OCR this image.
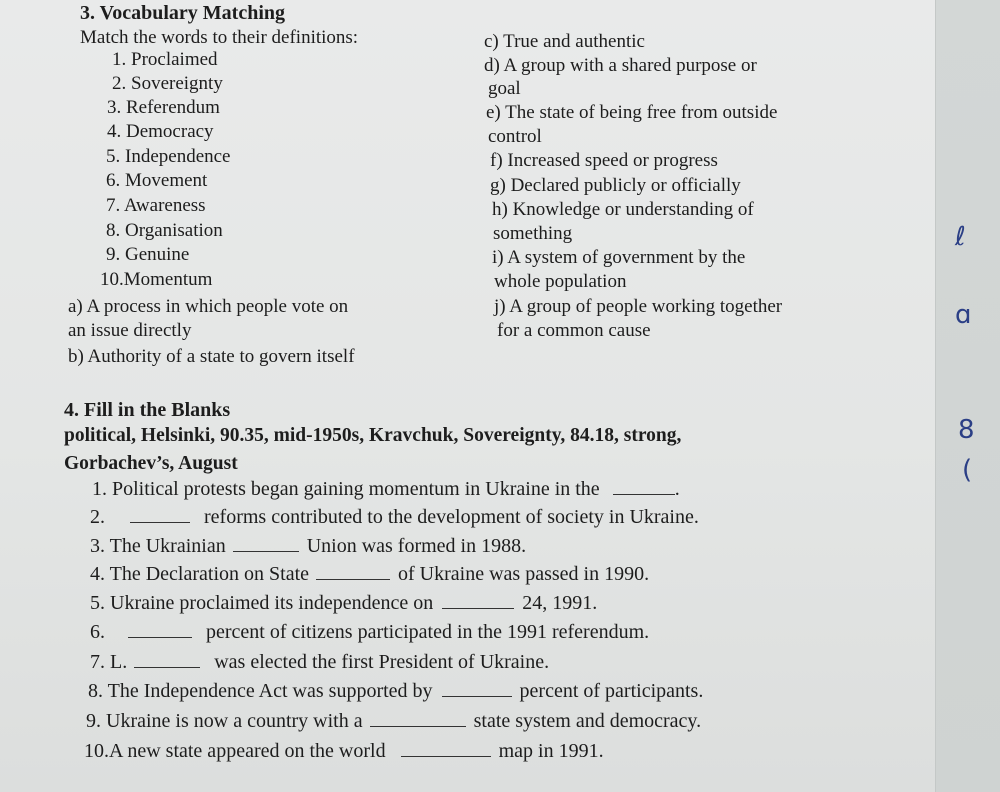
ℓ
ɑ
8
(
3. Vocabulary Matching
Match the words to their definitions:
1. Proclaimed
2. Sovereignty
3. Referendum
4. Democracy
5. Independence
6. Movement
7. Awareness
8. Organisation
9. Genuine
10.Momentum
a) A process in which people vote on
an issue directly
b) Authority of a state to govern itself
c) True and authentic
d) A group with a shared purpose or
goal
e) The state of being free from outside
control
f) Increased speed or progress
g) Declared publicly or officially
h) Knowledge or understanding of
something
i) A system of government by the
whole population
j) A group of people working together
for a common cause
4. Fill in the Blanks
political, Helsinki, 90.35, mid-1950s, Kravchuk, Sovereignty, 84.18, strong,
Gorbachev’s, August
1. Political protests began gaining momentum in Ukraine in the	.
2.	reforms contributed to the development of society in Ukraine.
3. The Ukrainian	Union was formed in 1988.
4. The Declaration on State	of Ukraine was passed in 1990.
5. Ukraine proclaimed its independence on	24, 1991.
6.	percent of citizens participated in the 1991 referendum.
7. L.	was elected the first President of Ukraine.
8. The Independence Act was supported by	percent of participants.
9. Ukraine is now a country with a	state system and democracy.
10.A new state appeared on the world	map in 1991.
